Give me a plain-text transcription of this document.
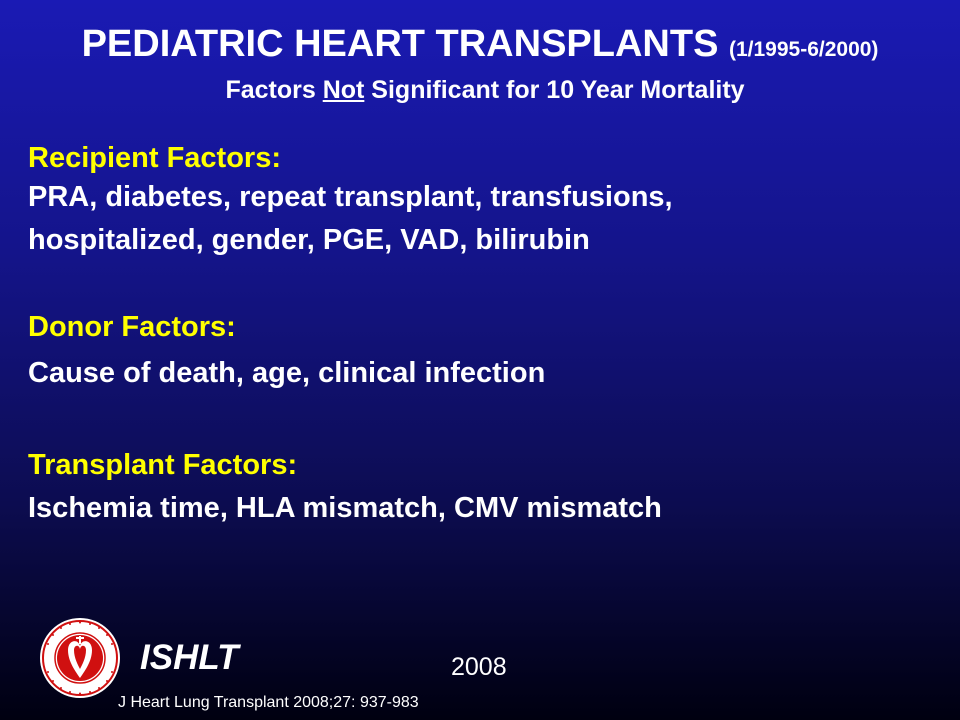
PEDIATRIC HEART TRANSPLANTS (1/1995-6/2000)
Factors Not Significant for 10 Year Mortality
Recipient Factors:
PRA, diabetes, repeat transplant, transfusions,
hospitalized, gender, PGE, VAD, bilirubin
Donor Factors:
Cause of death, age, clinical infection
Transplant Factors:
Ischemia time, HLA mismatch, CMV mismatch
ISHLT	2008
J Heart Lung Transplant 2008;27: 937-983
